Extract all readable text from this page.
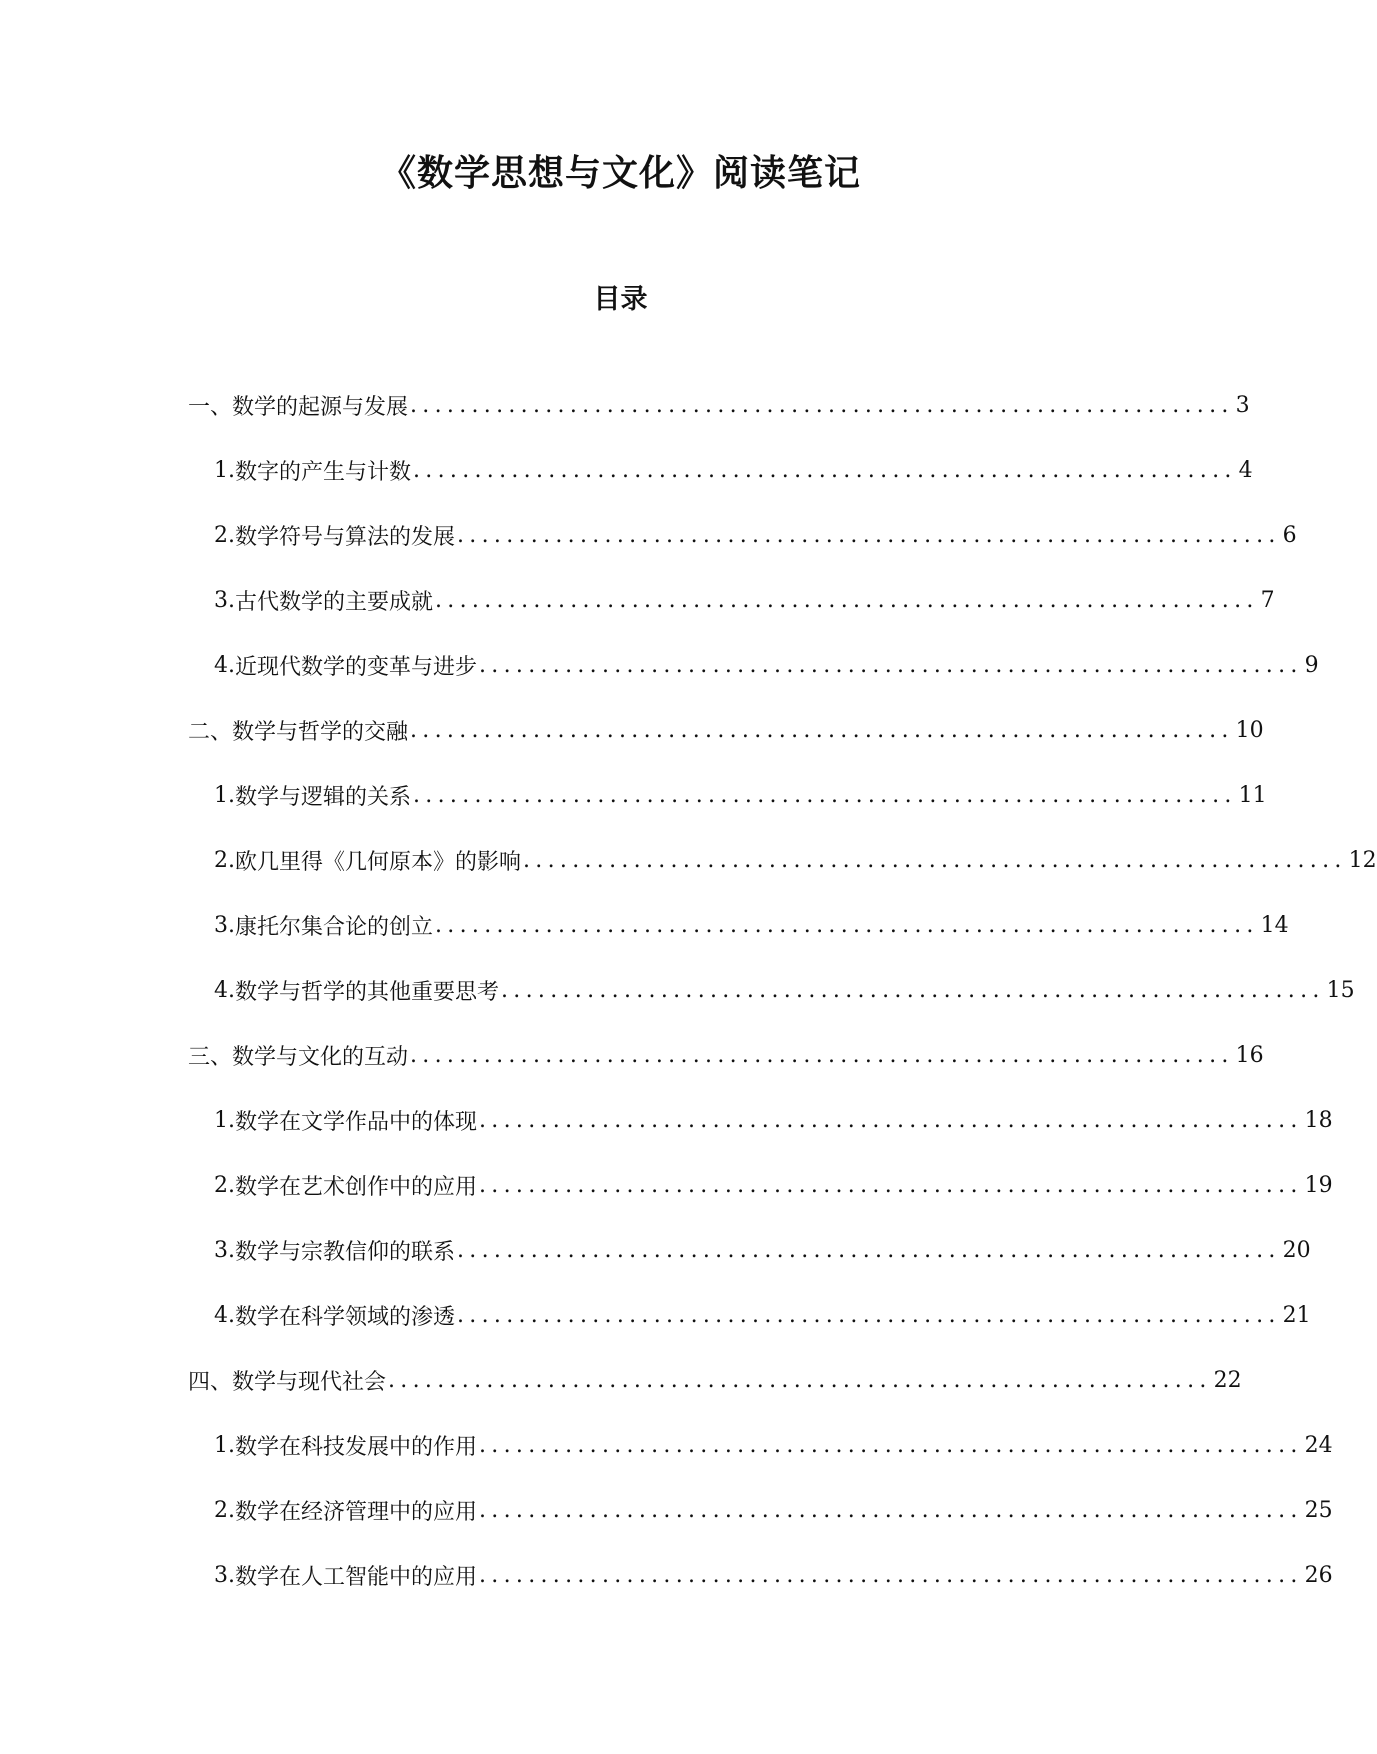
《数学思想与文化》阅读笔记
目录
一、数学的起源与发展 ................................................................... 3
1. 数字的产生与计数 ................................................................... 4
2. 数学符号与算法的发展 ................................................................... 6
3. 古代数学的主要成就 ................................................................... 7
4. 近现代数学的变革与进步 ................................................................... 9
二、数学与哲学的交融 ................................................................... 10
1. 数学与逻辑的关系 ................................................................... 11
2. 欧几里得《几何原本》的影响 ................................................................... 12
3. 康托尔集合论的创立 ................................................................... 14
4. 数学与哲学的其他重要思考 ................................................................... 15
三、数学与文化的互动 ................................................................... 16
1. 数学在文学作品中的体现 ................................................................... 18
2. 数学在艺术创作中的应用 ................................................................... 19
3. 数学与宗教信仰的联系 ................................................................... 20
4. 数学在科学领域的渗透 ................................................................... 21
四、数学与现代社会 ................................................................... 22
1. 数学在科技发展中的作用 ................................................................... 24
2. 数学在经济管理中的应用 ................................................................... 25
3. 数学在人工智能中的应用 ................................................................... 26
